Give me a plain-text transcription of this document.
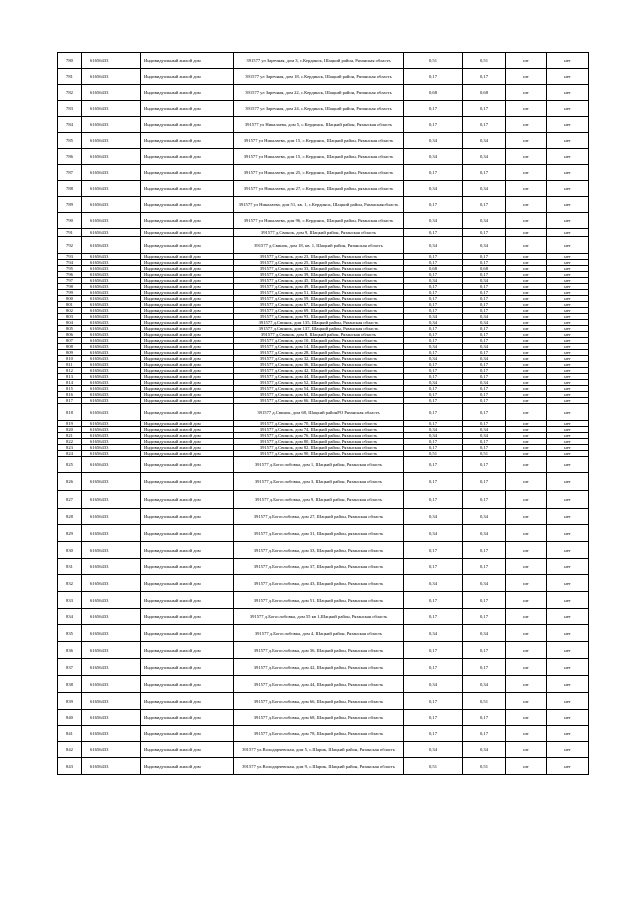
780	61656433	Индивидуальный жилой дом	391577 ул Заречная, дом 3, с.Кердинск, Шацкий район, Рязанская область	0,51	0,51	шт	нет
781	61656433	Индивидуальный жилой дом	391577 ул Заречная, дом 18, с.Кердинск, Шацкий район, Рязанская область	0,17	0,17	шт	нет
782	61656433	Индивидуальный жилой дом	391577 ул Заречная, дом 22, с.Кердинск, Шацкий район, Рязанская область	0,68	0,68	шт	нет
783	61656433	Индивидуальный жилой дом	391577 ул Заречная, дом 24, с.Кердинск, Шацкий район, Рязанская область	0,17	0,17	шт	нет
784	61656433	Индивидуальный жилой дом	391577 ул Никалаева, дом 5, с.Кердинск, Шацкий район, Рязанская область	0,17	0,17	шт	нет
785	61656433	Индивидуальный жилой дом	391577 ул Никалаева, дом 15, с.Кердинск, Шацкий район, Рязанская область	0,34	0,34	шт	нет
786	61656433	Индивидуальный жилой дом	391577 ул Никалаева, дом 15, с.Кердинск, Шацкий район, Рязанская область	0,34	0,34	шт	нет
787	61656433	Индивидуальный жилой дом	391577 ул Никалаева, дом 25, с.Кердинск, Шацкий район, Рязанская область	0,17	0,17	шт	нет
788	61656433	Индивидуальный жилой дом	391577 ул Никалаева, дом 27, с.Кердинск, Шацкий район, рязанская область	0,34	0,34	шт	нет
789	61656433	Индивидуальный жилой дом	391577 ул Никалаева, дом 51, кв. 1, с.Кердинск, Шацкий район, Рязанскаяобласть	0,17	0,17	шт	нет
790	61656433	Индивидуальный жилой дом	391577 ул Никалаева, дом 96, с.Кердинск, Шацкий район, Рязанская область	0,34	0,34	шт	нет
791	61656433	Индивидуальный жилой дом	391577 д.Свинок, дом 9, Шацкий район, Рязанская область	0,17	0,17	шт	нет
792	61656433	Индивидуальный жилой дом	391577 д.Свинок, дом 18, кв. 1, Шацкий район, Рязанская область	0,34	0,34	шт	нет
793	61656433	Индивидуальный жилой дом	391577 д.Свинок, дом 23, Шацкий район, Рязанская область	0,17	0,17	шт	нет
794	61656433	Индивидуальный жилой дом	391577 д.Свинок, дом 25, Шацкий район, Рязанская область	0,17	0,17	шт	нет
795	61656433	Индивидуальный жилой дом	391577 д.Свинок, дом 33, Шацкий район, Рязанская область	0,68	0,68	шт	нет
796	61656433	Индивидуальный жилой дом	391577 д.Свинок, дом 39, Шацкий район, Рязанская область	0,17	0,17	шт	нет
797	61656433	Индивидуальный жилой дом	391577 д.Свинок, дом 45, Шацкий район, Рязанская область	0,34	0,34	шт	нет
798	61656433	Индивидуальный жилой дом	391577 д.Свинок, дом 49, Шацкий район, Рязанская область	0,17	0,17	шт	нет
799	61656433	Индивидуальный жилой дом	391577 д.Свинок, дом 51, Шацкий район, Рязанская область	0,17	0,17	шт	нет
800	61656433	Индивидуальный жилой дом	391577 д.Свинок, дом 59, Шацкий район, Рязанская область	0,17	0,17	шт	нет
801	61656433	Индивидуальный жилой дом	391577 д.Свинок, дом 67, Шацкий район, Рязанская область	0,17	0,17	шт	нет
802	61656433	Индивидуальный жилой дом	391577 д.Свинок, дом 69, Шацкий район, Рязанская область	0,17	0,17	шт	нет
803	61656433	Индивидуальный жилой дом	391577 д.Свинок, дом 93, Шацкий район, Рязанская область	0,34	0,34	шт	нет
804	61656433	Индивидуальный жилой дом	391577 д.Свинок, дом 135, Шацкий район, Рязанская область	0,34	0,34	шт	нет
805	61656433	Индивидуальный жилой дом	391577 д.Свинок, дом 137, Шацкий район, Рязанская область	0,17	0,17	шт	нет
806	61656433	Индивидуальный жилой дом	391577 д.Свинок, дом 8, Шацкий район, Рязанская область	0,17	0,17	шт	нет
807	61656433	Индивидуальный жилой дом	391577 д.Свинок, дом 10, Шацкий район, Рязанская область	0,17	0,17	шт	нет
808	61656433	Индивидуальный жилой дом	391577 д.Свинок, дом 14, Шацкий район, Рязанская область	0,34	0,34	шт	нет
809	61656433	Индивидуальный жилой дом	391577 д.Свинок, дом 28, Шацкий район, Рязанская область	0,17	0,17	шт	нет
810	61656433	Индивидуальный жилой дом	391577 д.Свинок, дом 32, Шацкий район, Рязанская область	0,34	0,34	шт	нет
811	61656433	Индивидуальный жилой дом	391577 д.Свинок, дом 36, Шацкий район, Рязанская область	0,17	0,17	шт	нет
812	61656433	Индивидуальный жилой дом	391577 д.Свинок, дом 42, Шацкий район, Рязанская область	0,17	0,17	шт	нет
813	61656433	Индивидуальный жилой дом	391577 д.Свинок, дом 44, Шацкий район, Рязанская область	0,17	0,17	шт	нет
814	61656433	Индивидуальный жилой дом	391577 д.Свинок, дом 52, Шацкий район, Рязанская область	0,34	0,34	шт	нет
815	61656433	Индивидуальный жилой дом	391577 д.Свинок, дом 54, Шацкий район, Рязанская область	0,17	0,17	шт	нет
816	61656433	Индивидуальный жилой дом	391577 д.Свинок, дом 64, Шацкий район, Рязанская область	0,17	0,17	шт	нет
817	61656433	Индивидуальный жилой дом	391577 д.Свинок, дом 66, Шацкий район, Рязанская область	0,17	0,17	шт	нет
818	61656433	Индивидуальный жилой дом	391577 д.Свинок, дом 68, Шацкий районРО Рязанская область	0,17	0,17	шт	нет
819	61656433	Индивидуальный жилой дом	391577 д.Свинок, дом 70, Шацкий район, Рязанская область	0,17	0,17	шт	нет
820	61656433	Индивидуальный жилой дом	391577 д.Свинок, дом 74, Шацкий район, Рязанская область	0,34	0,34	шт	нет
821	61656433	Индивидуальный жилой дом	391577 д.Свинок, дом 76, Шацкий район, Рязанская область	0,34	0,34	шт	нет
822	61656433	Индивидуальный жилой дом	391577 д.Свинок, дом 80, Шацкий район, Рязанская область	0,17	0,17	шт	нет
823	61656433	Индивидуальный жилой дом	391577 д.Свинок, дом 82, Шацкий район, Рязанская область	0,17	0,17	шт	нет
824	61656433	Индивидуальный жилой дом	391577 д.Свинок, дом 90, Шацкий район, Рязанская область	0,51	0,51	шт	нет
825	61656433	Индивидуальный жилой дом	391577 д.Богослобовка, дом 1, Шацкий район, Рязанская область	0,17	0,17	шт	нет
826	61656433	Индивидуальный жилой дом	391577 д.Богослобовка, дом 3, Шацкий район, Рязанская область	0,17	0,17	шт	нет
827	61656433	Индивидуальный жилой дом	391577 д.Богослобовка, дом 9, Шацкий район, Рязанская область	0,17	0,17	шт	нет
828	61656433	Индивидуальный жилой дом	391577 д.Богослобовка, дом 27, Шацкий район, Рязанская область	0,34	0,34	шт	нет
829	61656433	Индивидуальный жилой дом	391577 д.Богослобовка, дом 31, Шацкий район, рязанская область	0,34	0,34	шт	нет
830	61656433	Индивидуальный жилой дом	391577 д.Богослобовка, дом 33, Шацкий район, Рязанская область	0,17	0,17	шт	нет
831	61656433	Индивидуальный жилой дом	391577 д.Богослобовка, дом 37, Шацкий район, Рязанская область	0,17	0,17	шт	нет
832	61656433	Индивидуальный жилой дом	391577 д.Богослобовка, дом 43, Шацкий район, Рязанская область	0,34	0,34	шт	нет
833	61656433	Индивидуальный жилой дом	391577 д.Богослобовка, дом 51, Шацкий район, Рязанская область	0,17	0,17	шт	нет
834	61656433	Индивидуальный жилой дом	391577 д.Богослобовка, дом 55 кв 1,Шацкий район, Рязанская область	0,17	0,17	шт	нет
835	61656433	Индивидуальный жилой дом	391577 д.Богослобовка, дом 4, Шацкий район, Рязанская область	0,34	0,34	шт	нет
836	61656433	Индивидуальный жилой дом	391577 д.Богослобовка, дом 36, Шацкий район, Рязанская область	0,17	0,17	шт	нет
837	61656433	Индивидуальный жилой дом	391577 д.Богослобовка, дом 42, Шацкий район, Рязанская область	0,17	0,17	шт	нет
838	61656433	Индивидуальный жилой дом	391577 д.Богослобовка, дом 44, Шацкий район, Рязанская область	0,34	0,34	шт	нет
839	61656433	Индивидуальный жилой дом	391577 д.Богослобовка, дом 66, Шацкий район, Рязанская область	0,17	0,51	шт	нет
840	61656433	Индивидуальный жилой дом	391577 д.Богослобовка, дом 68, Шацкий район, Рязанская область	0,17	0,17	шт	нет
841	61656433	Индивидуальный жилой дом	391577 д.Богослобовка, дом 78, Шацкий район, Рязанская область	0,17	0,17	шт	нет
842	61656433	Индивидуальный жилой дом	391577 ул.Володарчевская, дом 5, с.Шарик, Шацкий район, Рязанская область	0,34	0,34	шт	нет
843	61656433	Индивидуальный жилой дом	391577 ул.Володарчевская, дом 9, с.Шарик, Шацкий район, Рязанская область	0,51	0,51	шт	нет
